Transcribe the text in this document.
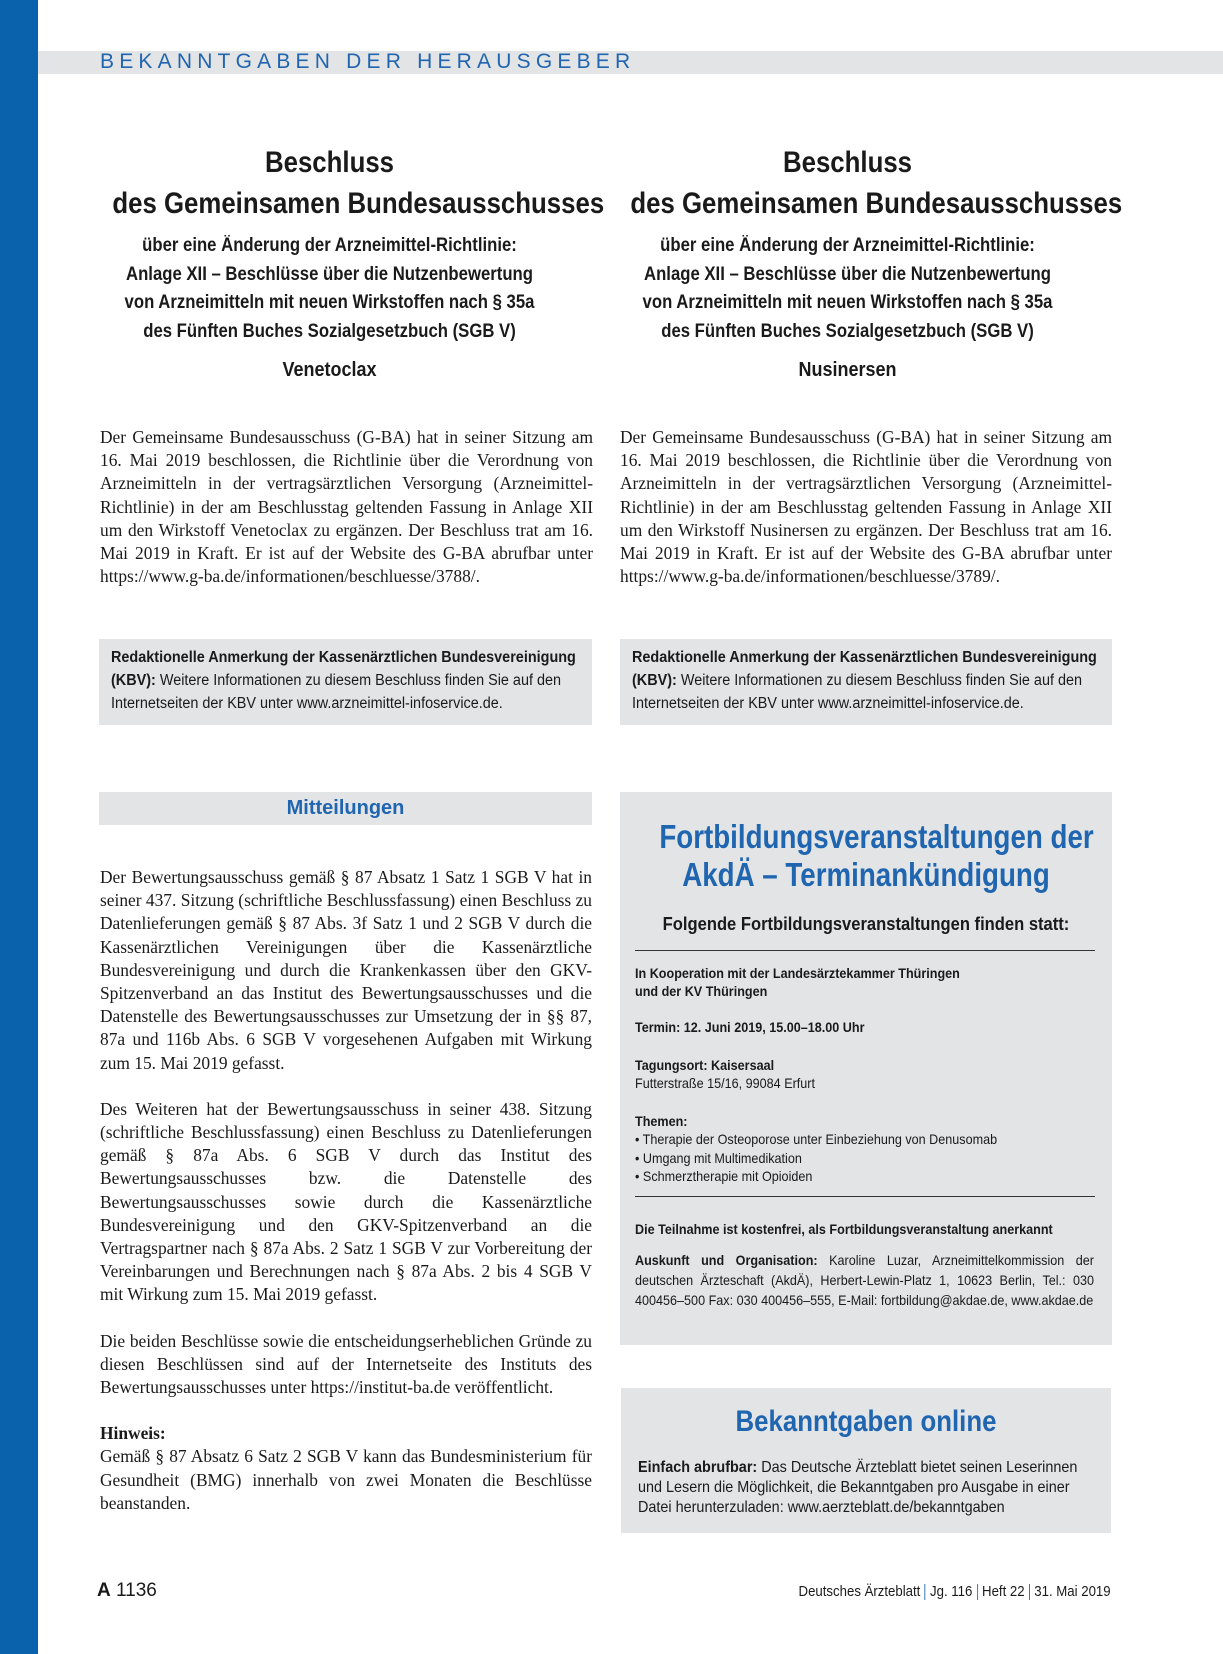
BEKANNTGABEN DER HERAUSGEBER
Beschluss
des Gemeinsamen Bundesausschusses
über eine Änderung der Arzneimittel-Richtlinie:
Anlage XII – Beschlüsse über die Nutzenbewertung
von Arzneimitteln mit neuen Wirkstoffen nach § 35a
des Fünften Buches Sozialgesetzbuch (SGB V)
Venetoclax
Der Gemeinsame Bundesausschuss (G-BA) hat in seiner Sitzung am 16. Mai 2019 beschlossen, die Richtlinie über die Verordnung von Arzneimitteln in der vertragsärztlichen Versorgung (Arzneimittel-Richtlinie) in der am Beschlusstag geltenden Fassung in Anlage XII um den Wirkstoff Venetoclax zu ergänzen. Der Beschluss trat am 16. Mai 2019 in Kraft. Er ist auf der Website des G-BA abrufbar unter https://www.g-ba.de/informationen/beschluesse/3788/.
Redaktionelle Anmerkung der Kassenärztlichen Bundesvereinigung (KBV): Weitere Informationen zu diesem Beschluss finden Sie auf den Internetseiten der KBV unter www.arzneimittel-infoservice.de.
Beschluss
des Gemeinsamen Bundesausschusses
über eine Änderung der Arzneimittel-Richtlinie:
Anlage XII – Beschlüsse über die Nutzenbewertung
von Arzneimitteln mit neuen Wirkstoffen nach § 35a
des Fünften Buches Sozialgesetzbuch (SGB V)
Nusinersen
Der Gemeinsame Bundesausschuss (G-BA) hat in seiner Sitzung am 16. Mai 2019 beschlossen, die Richtlinie über die Verordnung von Arzneimitteln in der vertragsärztlichen Versorgung (Arzneimittel-Richtlinie) in der am Beschlusstag geltenden Fassung in Anlage XII um den Wirkstoff Nusinersen zu ergänzen. Der Beschluss trat am 16. Mai 2019 in Kraft. Er ist auf der Website des G-BA abrufbar unter https://www.g-ba.de/informationen/beschluesse/3789/.
Redaktionelle Anmerkung der Kassenärztlichen Bundesvereinigung (KBV): Weitere Informationen zu diesem Beschluss finden Sie auf den Internetseiten der KBV unter www.arzneimittel-infoservice.de.
Mitteilungen
Der Bewertungsausschuss gemäß § 87 Absatz 1 Satz 1 SGB V hat in seiner 437. Sitzung (schriftliche Beschlussfassung) einen Beschluss zu Datenlieferungen gemäß § 87 Abs. 3f Satz 1 und 2 SGB V durch die Kassenärztlichen Vereinigungen über die Kassenärztliche Bundesvereinigung und durch die Krankenkassen über den GKV-Spitzenverband an das Institut des Bewertungsausschusses und die Datenstelle des Bewertungsausschusses zur Umsetzung der in §§ 87, 87a und 116b Abs. 6 SGB V vorgesehenen Aufgaben mit Wirkung zum 15. Mai 2019 gefasst.
Des Weiteren hat der Bewertungsausschuss in seiner 438. Sitzung (schriftliche Beschlussfassung) einen Beschluss zu Datenlieferungen gemäß § 87a Abs. 6 SGB V durch das Institut des Bewertungsausschusses bzw. die Datenstelle des Bewertungsausschusses sowie durch die Kassenärztliche Bundesvereinigung und den GKV-Spitzenverband an die Vertragspartner nach § 87a Abs. 2 Satz 1 SGB V zur Vorbereitung der Vereinbarungen und Berechnungen nach § 87a Abs. 2 bis 4 SGB V mit Wirkung zum 15. Mai 2019 gefasst.
Die beiden Beschlüsse sowie die entscheidungserheblichen Gründe zu diesen Beschlüssen sind auf der Internetseite des Instituts des Bewertungsausschusses unter https://institut-ba.de veröffentlicht.
Hinweis:
Gemäß § 87 Absatz 6 Satz 2 SGB V kann das Bundesministerium für Gesundheit (BMG) innerhalb von zwei Monaten die Beschlüsse beanstanden.
Fortbildungsveranstaltungen der
AkdÄ – Terminankündigung
Folgende Fortbildungsveranstaltungen finden statt:
In Kooperation mit der Landesärztekammer Thüringen
und der KV Thüringen
Termin: 12. Juni 2019, 15.00–18.00 Uhr
Tagungsort: Kaisersaal
Futterstraße 15/16, 99084 Erfurt
Themen:
• Therapie der Osteoporose unter Einbeziehung von Denusomab
• Umgang mit Multimedikation
• Schmerztherapie mit Opioiden
Die Teilnahme ist kostenfrei, als Fortbildungsveranstaltung anerkannt
Auskunft und Organisation: Karoline Luzar, Arzneimittelkommission der deutschen Ärzteschaft (AkdÄ), Herbert-Lewin-Platz 1, 10623 Berlin, Tel.: 030 400456–500 Fax: 030 400456–555, E-Mail: fortbildung@akdae.de, www.akdae.de
Bekanntgaben online
Einfach abrufbar: Das Deutsche Ärzteblatt bietet seinen Leserinnen und Lesern die Möglichkeit, die Bekanntgaben pro Ausgabe in einer Datei herunterzuladen: www.aerzteblatt.de/bekanntgaben
A 1136	Deutsches Ärzteblatt Jg. 116 Heft 22 31. Mai 2019
